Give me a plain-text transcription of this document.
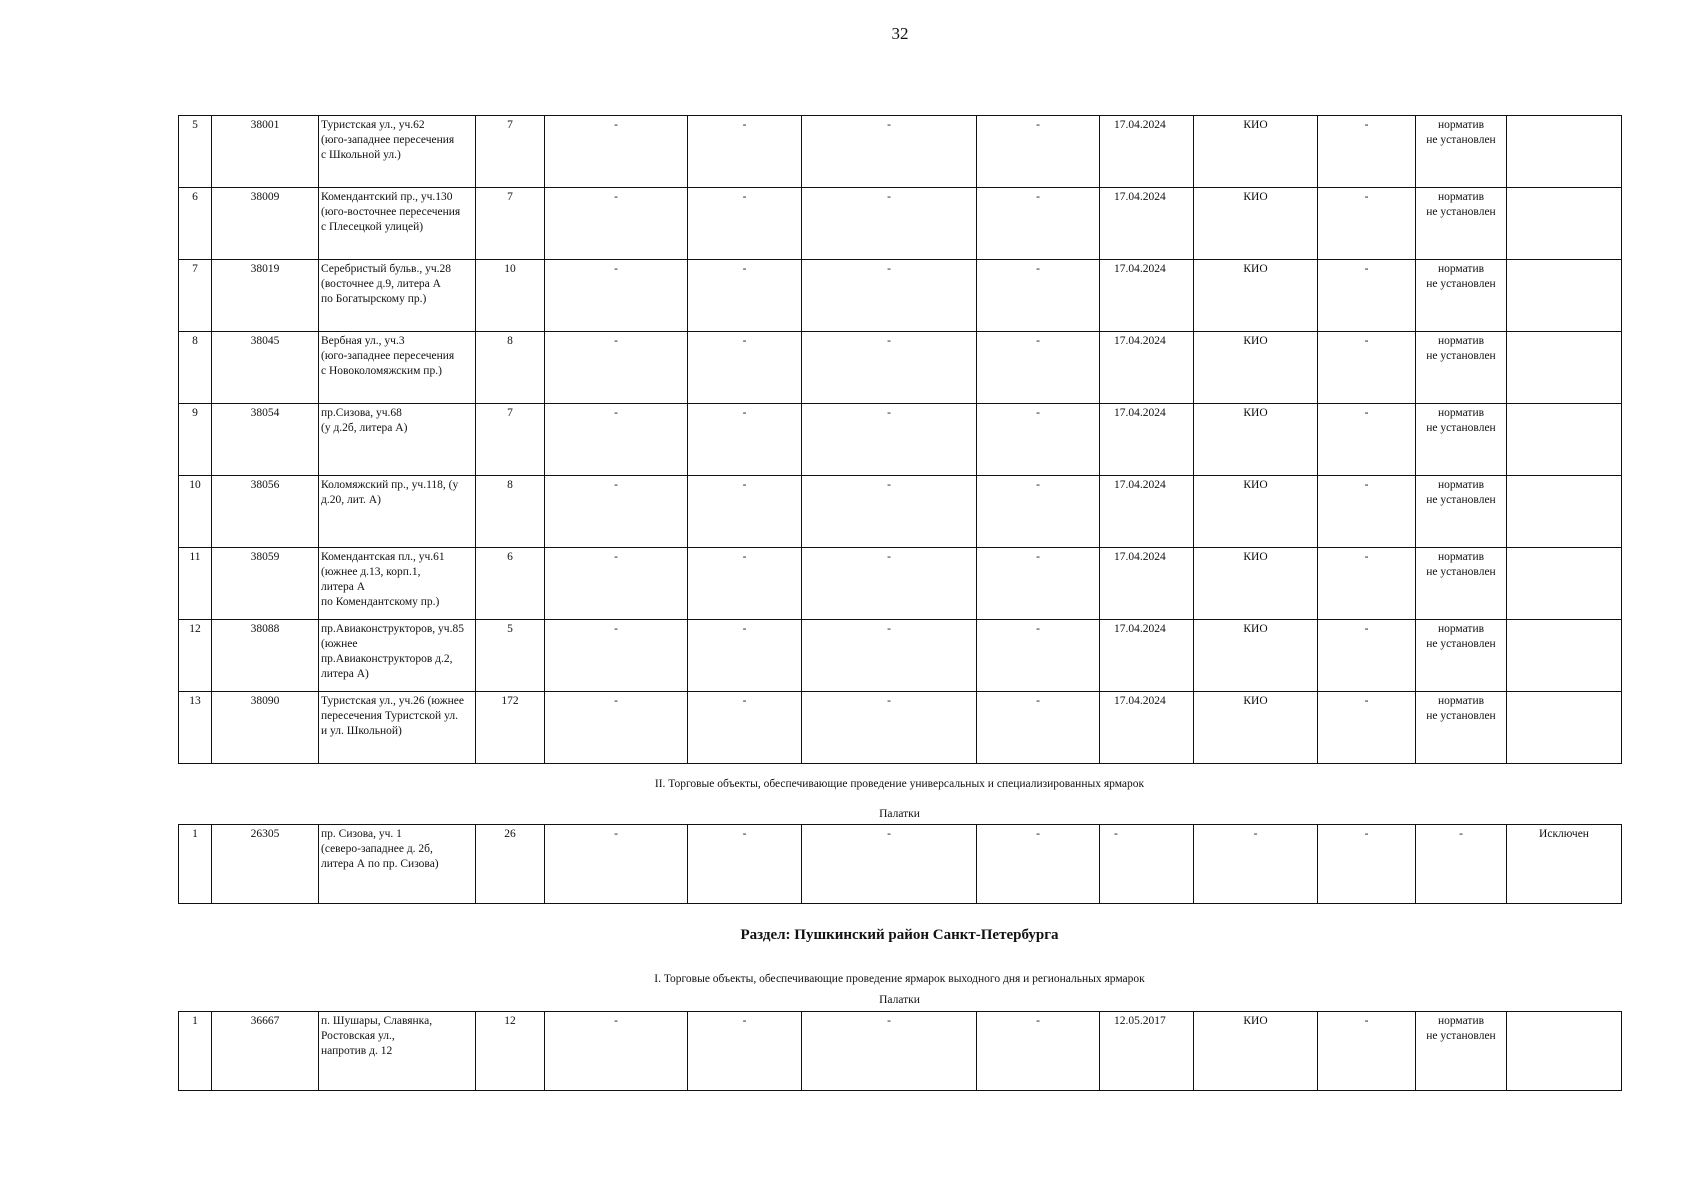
32
5	38001	Туристская ул., уч.62
(юго-западнее пересечения
с Школьной ул.)	7	-	-	-	-	17.04.2024	КИО	-	норматив
не установлен	
6	38009	Комендантский пр., уч.130
(юго-восточнее пересечения
с Плесецкой улицей)	7	-	-	-	-	17.04.2024	КИО	-	норматив
не установлен	
7	38019	Серебристый бульв., уч.28
(восточнее д.9, литера А
по Богатырскому пр.)	10	-	-	-	-	17.04.2024	КИО	-	норматив
не установлен	
8	38045	Вербная ул., уч.3
(юго-западнее пересечения
с Новоколомяжским пр.)	8	-	-	-	-	17.04.2024	КИО	-	норматив
не установлен	
9	38054	пр.Сизова, уч.68
(у д.2б, литера А)	7	-	-	-	-	17.04.2024	КИО	-	норматив
не установлен	
10	38056	Коломяжский пр., уч.118, (у
д.20, лит. А)	8	-	-	-	-	17.04.2024	КИО	-	норматив
не установлен	
11	38059	Комендантская пл., уч.61
(южнее д.13, корп.1,
литера А
по Комендантскому пр.)	6	-	-	-	-	17.04.2024	КИО	-	норматив
не установлен	
12	38088	пр.Авиаконструкторов, уч.85
(южнее
пр.Авиаконструкторов д.2,
литера А)	5	-	-	-	-	17.04.2024	КИО	-	норматив
не установлен	
13	38090	Туристская ул., уч.26 (южнее
пересечения Туристской ул.
и ул. Школьной)	172	-	-	-	-	17.04.2024	КИО	-	норматив
не установлен	
II. Торговые объекты, обеспечивающие проведение универсальных и специализированных ярмарок
Палатки
1	26305	пр. Сизова, уч. 1
(северо-западнее д. 2б,
литера А по пр. Сизова)	26	-	-	-	-	-	-	-	-	Исключен
Раздел: Пушкинский район Санкт-Петербурга
I. Торговые объекты, обеспечивающие проведение ярмарок выходного дня и региональных ярмарок
Палатки
1	36667	п. Шушары, Славянка,
Ростовская ул.,
напротив д. 12	12	-	-	-	-	12.05.2017	КИО	-	норматив
не установлен	
